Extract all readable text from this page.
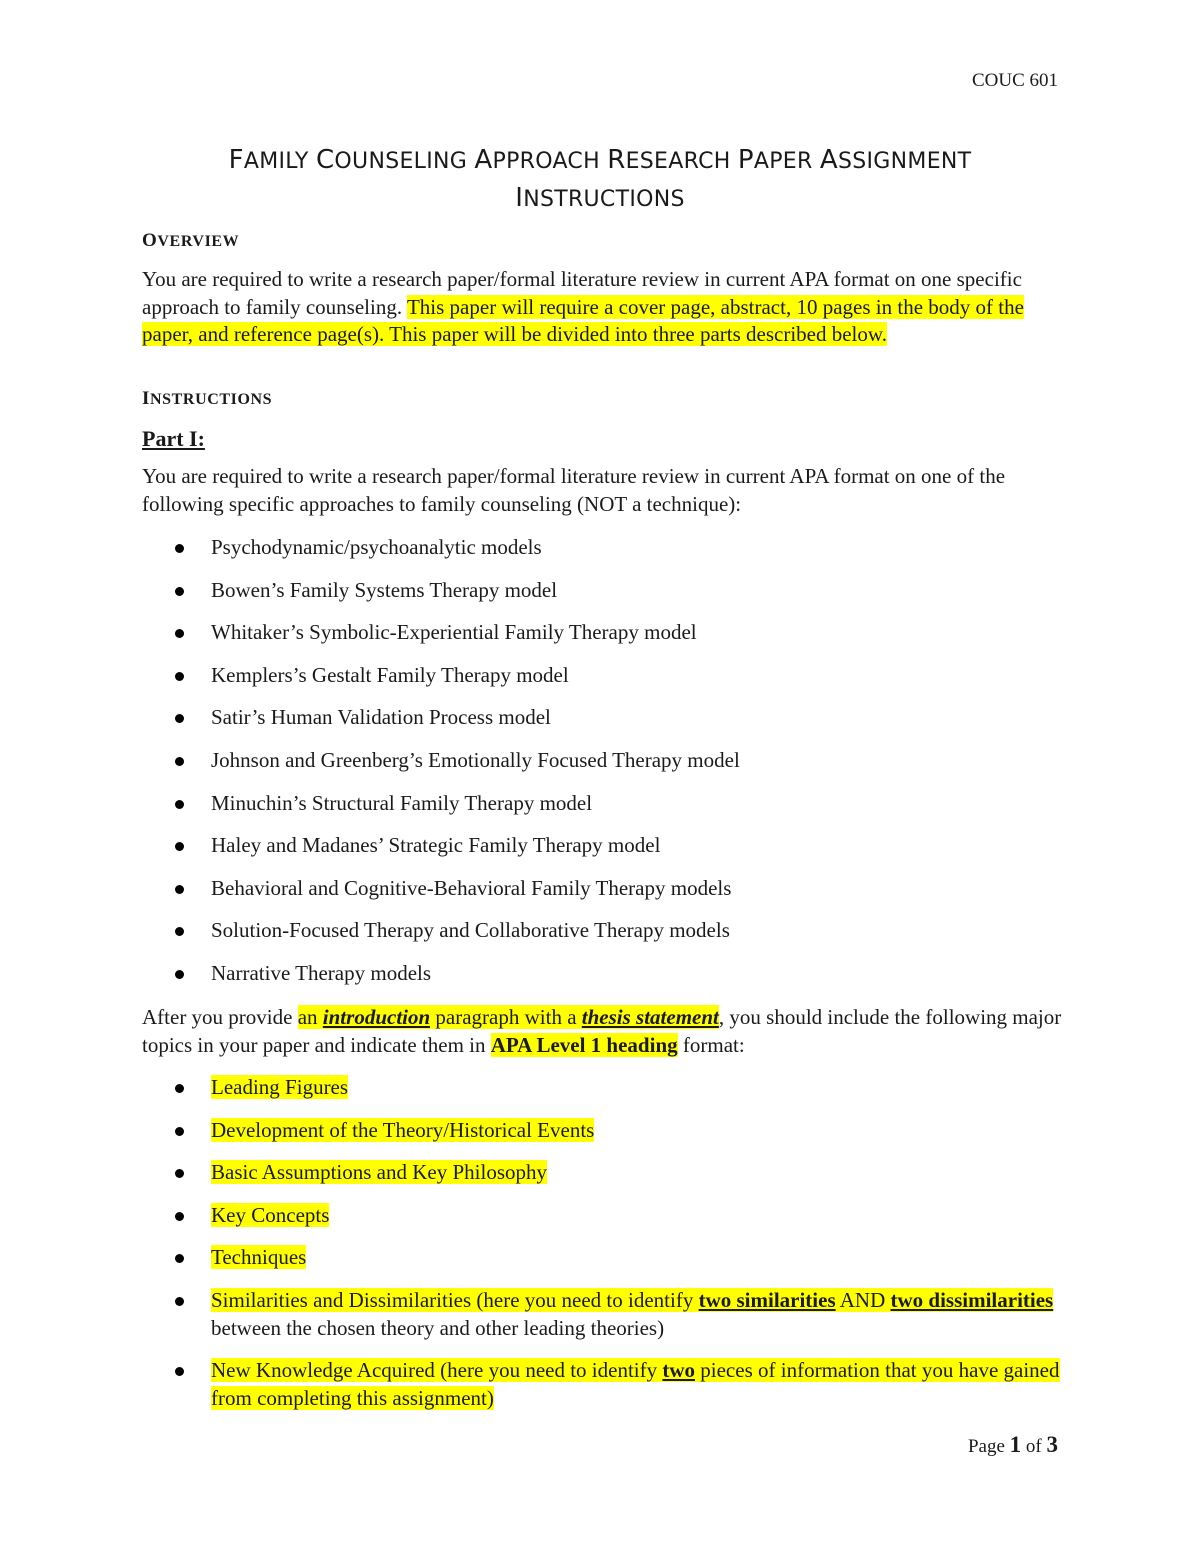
COUC 601
FAMILY COUNSELING APPROACH RESEARCH PAPER ASSIGNMENT
INSTRUCTIONS
OVERVIEW
You are required to write a research paper/formal literature review in current APA format on one specific approach to family counseling. This paper will require a cover page, abstract, 10 pages in the body of the paper, and reference page(s). This paper will be divided into three parts described below.
INSTRUCTIONS
Part I:
You are required to write a research paper/formal literature review in current APA format on one of the following specific approaches to family counseling (NOT a technique):
Psychodynamic/psychoanalytic models
Bowen’s Family Systems Therapy model
Whitaker’s Symbolic-Experiential Family Therapy model
Kemplers’s Gestalt Family Therapy model
Satir’s Human Validation Process model
Johnson and Greenberg’s Emotionally Focused Therapy model
Minuchin’s Structural Family Therapy model
Haley and Madanes’ Strategic Family Therapy model
Behavioral and Cognitive-Behavioral Family Therapy models
Solution-Focused Therapy and Collaborative Therapy models
Narrative Therapy models
After you provide an introduction paragraph with a thesis statement, you should include the following major topics in your paper and indicate them in APA Level 1 heading format:
Leading Figures
Development of the Theory/Historical Events
Basic Assumptions and Key Philosophy
Key Concepts
Techniques
Similarities and Dissimilarities (here you need to identify two similarities AND two dissimilarities between the chosen theory and other leading theories)
New Knowledge Acquired (here you need to identify two pieces of information that you have gained from completing this assignment)
Page 1 of 3
